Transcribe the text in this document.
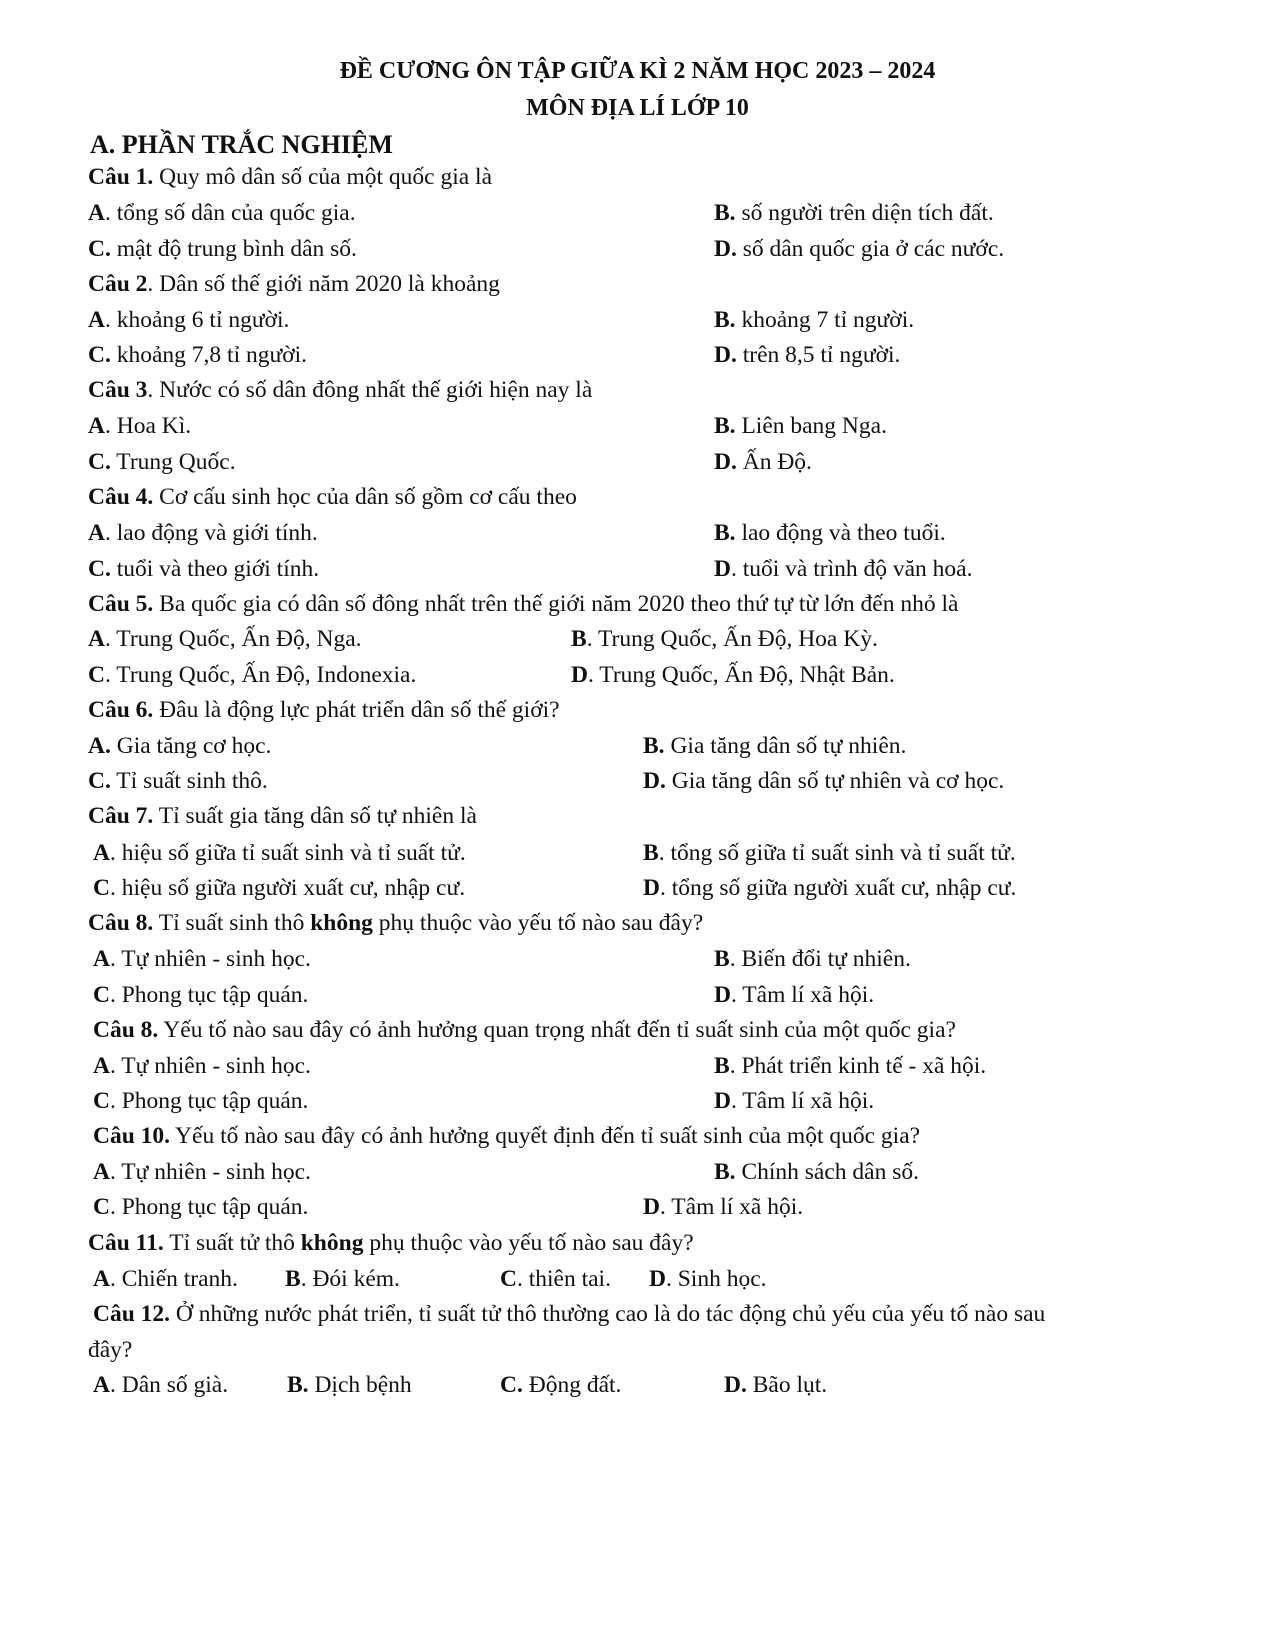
ĐỀ CƯƠNG ÔN TẬP GIỮA KÌ 2 NĂM HỌC 2023 – 2024
MÔN ĐỊA LÍ LỚP 10
A. PHẦN TRẮC NGHIỆM
Câu 1. Quy mô dân số của một quốc gia là
A. tổng số dân của quốc gia.	B. số người trên diện tích đất.
C. mật độ trung bình dân số.	D. số dân quốc gia ở các nước.
Câu 2. Dân số thế giới năm 2020 là khoảng
A. khoảng 6 tỉ người.	B. khoảng 7 tỉ người.
C. khoảng 7,8 tỉ người.	D. trên 8,5 tỉ người.
Câu 3. Nước có số dân đông nhất thế giới hiện nay là
A. Hoa Kì.	B. Liên bang Nga.
C. Trung Quốc.	D. Ấn Độ.
Câu 4. Cơ cấu sinh học của dân số gồm cơ cấu theo
A. lao động và giới tính.	B. lao động và theo tuổi.
C. tuổi và theo giới tính.	D. tuổi và trình độ văn hoá.
Câu 5. Ba quốc gia có dân số đông nhất trên thế giới năm 2020 theo thứ tự từ lớn đến nhỏ là
A. Trung Quốc, Ấn Độ, Nga.	B. Trung Quốc, Ấn Độ, Hoa Kỳ.
C. Trung Quốc, Ấn Độ, Indonexia.	D. Trung Quốc, Ấn Độ, Nhật Bản.
Câu 6. Đâu là động lực phát triển dân số thế giới?
A. Gia tăng cơ học.	B. Gia tăng dân số tự nhiên.
C. Tỉ suất sinh thô.	D. Gia tăng dân số tự nhiên và cơ học.
Câu 7. Tỉ suất gia tăng dân số tự nhiên là
A. hiệu số giữa tỉ suất sinh và tỉ suất tử.	B. tổng số giữa tỉ suất sinh và tỉ suất tử.
C. hiệu số giữa người xuất cư, nhập cư.	D. tổng số giữa người xuất cư, nhập cư.
Câu 8. Tỉ suất sinh thô không phụ thuộc vào yếu tố nào sau đây?
A. Tự nhiên - sinh học.	B. Biến đổi tự nhiên.
C. Phong tục tập quán.	D. Tâm lí xã hội.
Câu 8. Yếu tố nào sau đây có ảnh hưởng quan trọng nhất đến tỉ suất sinh của một quốc gia?
A. Tự nhiên - sinh học.	B. Phát triển kinh tế - xã hội.
C. Phong tục tập quán.	D. Tâm lí xã hội.
Câu 10. Yếu tố nào sau đây có ảnh hưởng quyết định đến tỉ suất sinh của một quốc gia?
A. Tự nhiên - sinh học.	B. Chính sách dân số.
C. Phong tục tập quán.	D. Tâm lí xã hội.
Câu 11. Tỉ suất tử thô không phụ thuộc vào yếu tố nào sau đây?
A. Chiến tranh. B. Đói kém.	C. thiên tai. D. Sinh học.
Câu 12. Ở những nước phát triển, tỉ suất tử thô thường cao là do tác động chủ yếu của yếu tố nào sau
đây?
A. Dân số già.	B. Dịch bệnh	C. Động đất.	D. Bão lụt.
